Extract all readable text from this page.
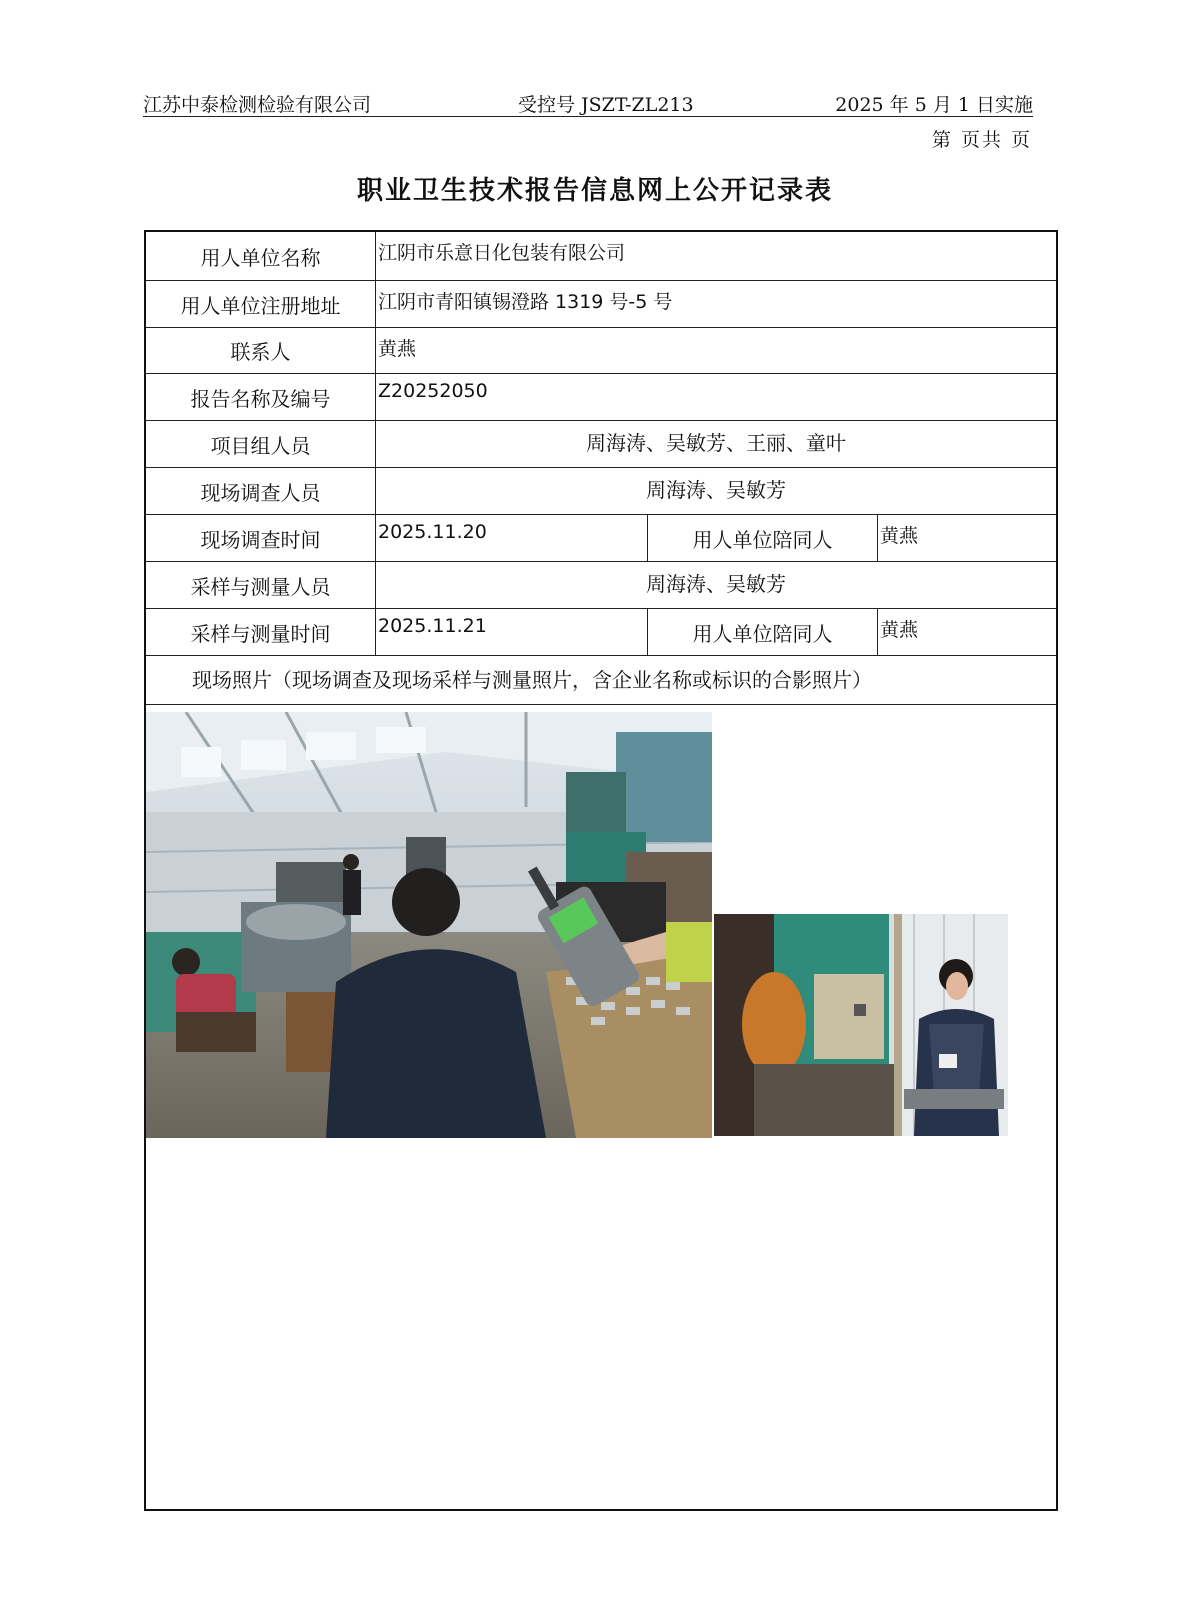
江苏中泰检测检验有限公司	受控号 JSZT-ZL213	2025 年 5 月 1 日实施
第 页共 页
职业卫生技术报告信息网上公开记录表
用人单位名称	江阴市乐意日化包装有限公司
用人单位注册地址	江阴市青阳镇锡澄路 1319 号-5 号
联系人	黄燕
报告名称及编号	Z20252050
项目组人员	周海涛、吴敏芳、王丽、童叶
现场调查人员	周海涛、吴敏芳
现场调查时间	2025.11.20	用人单位陪同人	黄燕
采样与测量人员	周海涛、吴敏芳
采样与测量时间	2025.11.21	用人单位陪同人	黄燕
现场照片（现场调查及现场采样与测量照片，含企业名称或标识的合影照片）
